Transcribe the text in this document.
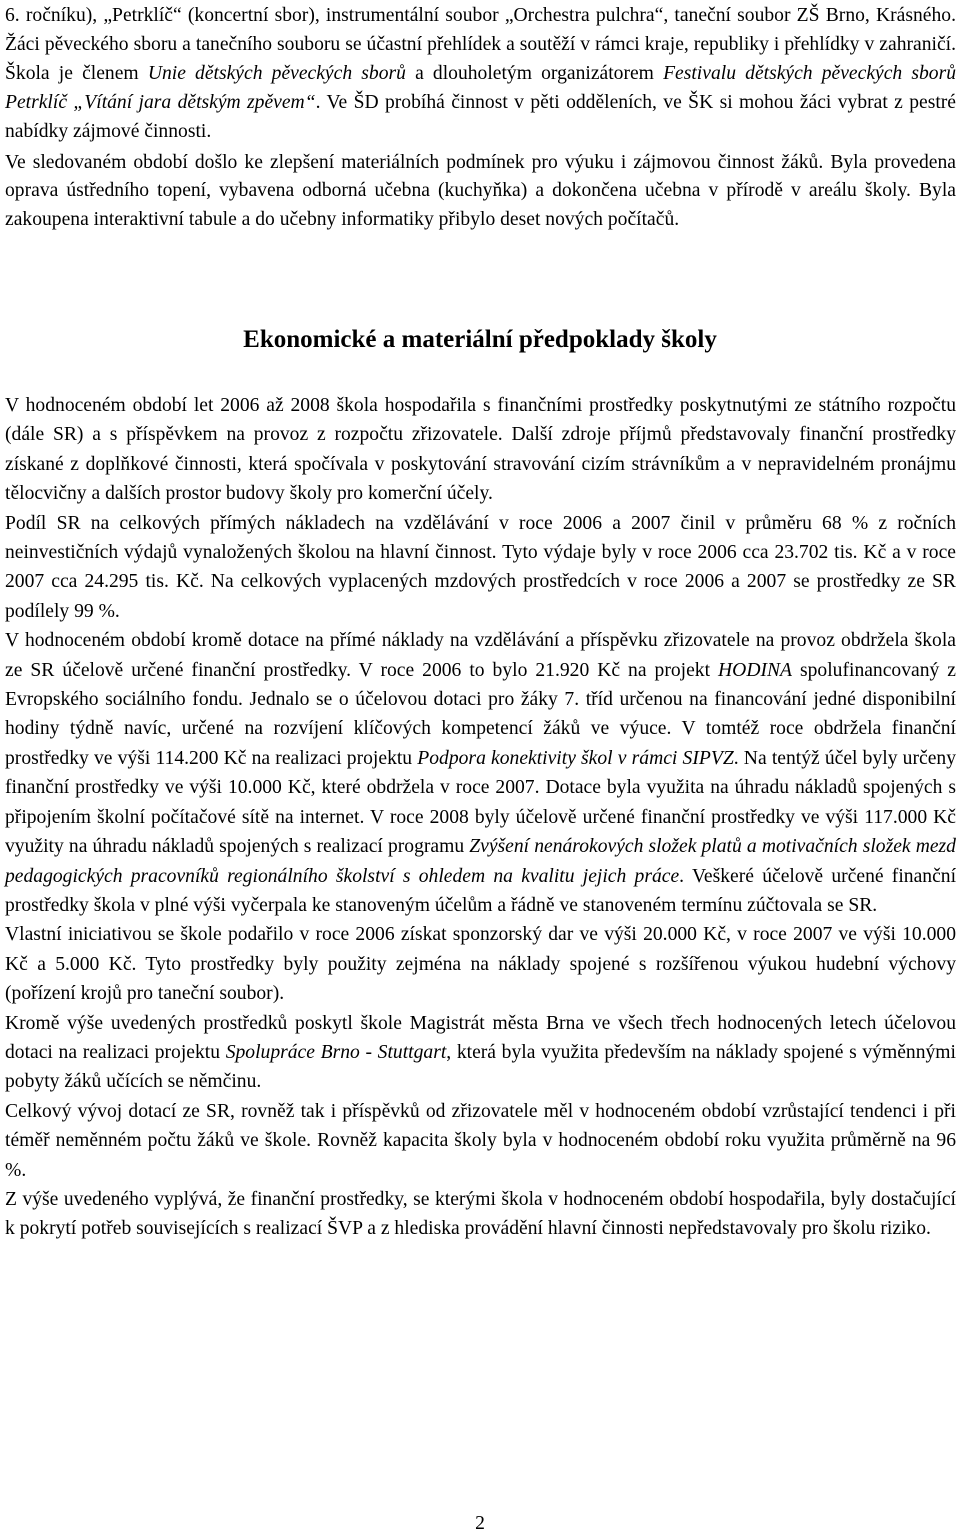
6. ročníku), „Petrklíč“ (koncertní sbor), instrumentální soubor „Orchestra pulchra“, taneční soubor ZŠ Brno, Krásného. Žáci pěveckého sboru a tanečního souboru se účastní přehlídek a soutěží v rámci kraje, republiky i přehlídky v zahraničí. Škola je členem Unie dětských pěveckých sborů a dlouholetým organizátorem Festivalu dětských pěveckých sborů Petrklíč „Vítání jara dětským zpěvem“. Ve ŠD probíhá činnost v pěti odděleních, ve ŠK si mohou žáci vybrat z pestré nabídky zájmové činnosti.

Ve sledovaném období došlo ke zlepšení materiálních podmínek pro výuku i zájmovou činnost žáků. Byla provedena oprava ústředního topení, vybavena odborná učebna (kuchyňka) a dokončena učebna v přírodě v areálu školy. Byla zakoupena interaktivní tabule a do učebny informatiky přibylo deset nových počítačů.

Ekonomické a materiální předpoklady školy

V hodnoceném období let 2006 až 2008 škola hospodařila s finančními prostředky poskytnutými ze státního rozpočtu (dále SR) a s příspěvkem na provoz z rozpočtu zřizovatele. Další zdroje příjmů představovaly finanční prostředky získané z doplňkové činnosti, která spočívala v poskytování stravování cizím strávníkům a v nepravidelném pronájmu tělocvičny a dalších prostor budovy školy pro komerční účely.

Podíl SR na celkových přímých nákladech na vzdělávání v roce 2006 a 2007 činil v průměru 68 % z ročních neinvestičních výdajů vynaložených školou na hlavní činnost. Tyto výdaje byly v roce 2006 cca 23.702 tis. Kč a v roce 2007 cca 24.295 tis. Kč. Na celkových vyplacených mzdových prostředcích v roce 2006 a 2007 se prostředky ze SR podílely 99 %.

V hodnoceném období kromě dotace na přímé náklady na vzdělávání a příspěvku zřizovatele na provoz obdržela škola ze SR účelově určené finanční prostředky. V roce 2006 to bylo 21.920 Kč na projekt HODINA spolufinancovaný z Evropského sociálního fondu. Jednalo se o účelovou dotaci pro žáky 7. tříd určenou na financování jedné disponibilní hodiny týdně navíc, určené na rozvíjení klíčových kompetencí žáků ve výuce. V tomtéž roce obdržela finanční prostředky ve výši 114.200 Kč na realizaci projektu Podpora konektivity škol v rámci SIPVZ. Na tentýž účel byly určeny finanční prostředky ve výši 10.000 Kč, které obdržela v roce 2007. Dotace byla využita na úhradu nákladů spojených s připojením školní počítačové sítě na internet. V roce 2008 byly účelově určené finanční prostředky ve výši 117.000 Kč využity na úhradu nákladů spojených s realizací programu Zvýšení nenárokových složek platů a motivačních složek mezd pedagogických pracovníků regionálního školství s ohledem na kvalitu jejich práce. Veškeré účelově určené finanční prostředky škola v plné výši vyčerpala ke stanoveným účelům a řádně ve stanoveném termínu zúčtovala se SR.

Vlastní iniciativou se škole podařilo v roce 2006 získat sponzorský dar ve výši 20.000 Kč, v roce 2007 ve výši 10.000 Kč a 5.000 Kč. Tyto prostředky byly použity zejména na náklady spojené s rozšířenou výukou hudební výchovy (pořízení krojů pro taneční soubor).

Kromě výše uvedených prostředků poskytl škole Magistrát města Brna ve všech třech hodnocených letech účelovou dotaci na realizaci projektu Spolupráce Brno - Stuttgart, která byla využita především na náklady spojené s výměnnými pobyty žáků učících se němčinu.

Celkový vývoj dotací ze SR, rovněž tak i příspěvků od zřizovatele měl v hodnoceném období vzrůstající tendenci i při téměř neměnném počtu žáků ve škole. Rovněž kapacita školy byla v hodnoceném období roku využita průměrně na 96 %.

Z výše uvedeného vyplývá, že finanční prostředky, se kterými škola v hodnoceném období hospodařila, byly dostačující k pokrytí potřeb souvisejících s realizací ŠVP a z hlediska provádění hlavní činnosti nepředstavovaly pro školu riziko.

2
